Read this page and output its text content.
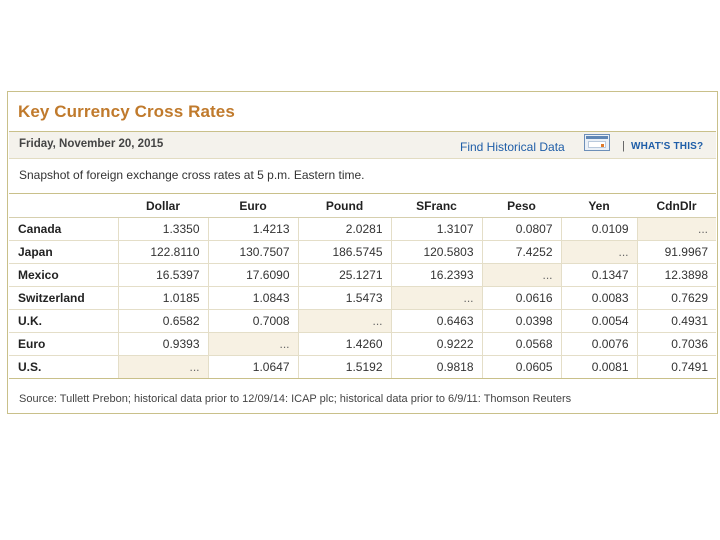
Key Currency Cross Rates
Friday, November 20, 2015	Find Historical Data	| WHAT'S THIS?
Snapshot of foreign exchange cross rates at 5 p.m. Eastern time.
	Dollar	Euro	Pound	SFranc	Peso	Yen	CdnDlr
Canada	1.3350	1.4213	2.0281	1.3107	0.0807	0.0109	...
Japan	122.8110	130.7507	186.5745	120.5803	7.4252	...	91.9967
Mexico	16.5397	17.6090	25.1271	16.2393	...	0.1347	12.3898
Switzerland	1.0185	1.0843	1.5473	...	0.0616	0.0083	0.7629
U.K.	0.6582	0.7008	...	0.6463	0.0398	0.0054	0.4931
Euro	0.9393	...	1.4260	0.9222	0.0568	0.0076	0.7036
U.S.	...	1.0647	1.5192	0.9818	0.0605	0.0081	0.7491
Source: Tullett Prebon; historical data prior to 12/09/14: ICAP plc; historical data prior to 6/9/11: Thomson Reuters
